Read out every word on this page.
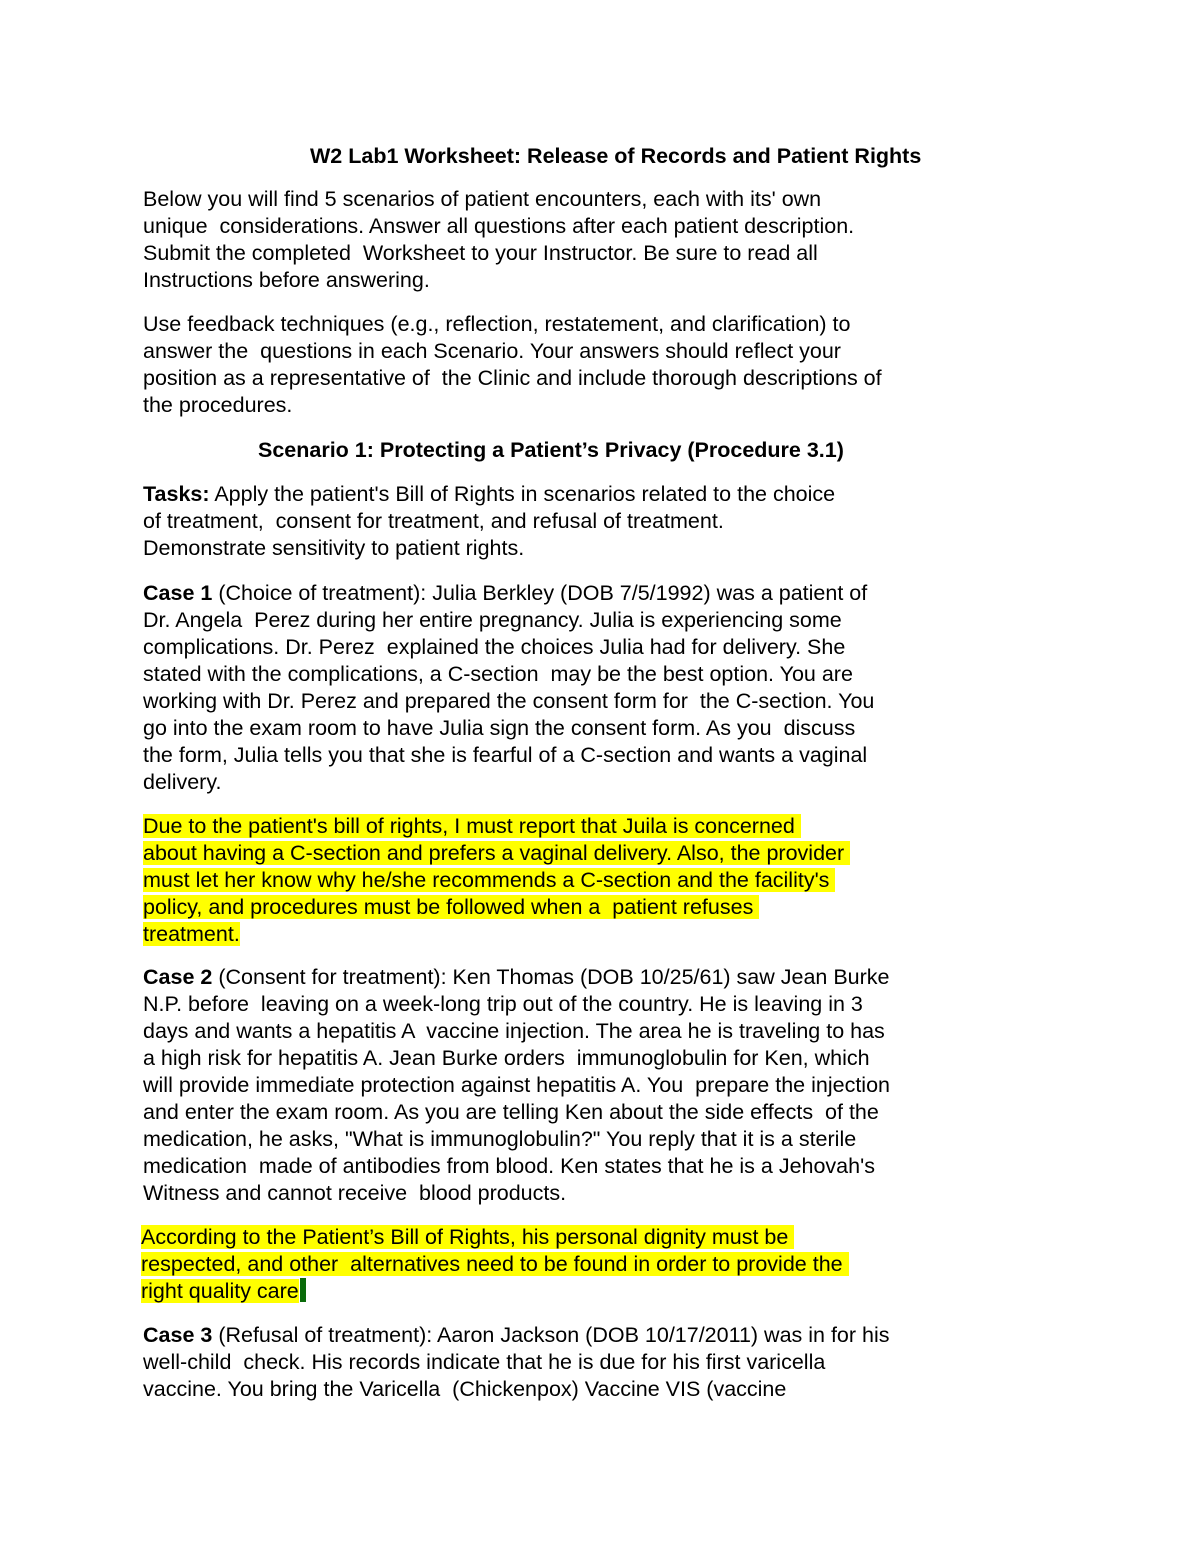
W2 Lab1 Worksheet: Release of Records and Patient Rights

Below you will find 5 scenarios of patient encounters, each with its' own

unique  considerations. Answer all questions after each patient description.

Submit the completed  Worksheet to your Instructor. Be sure to read all

Instructions before answering.

Use feedback techniques (e.g., reflection, restatement, and clarification) to

answer the  questions in each Scenario. Your answers should reflect your

position as a representative of  the Clinic and include thorough descriptions of

the procedures.

Scenario 1: Protecting a Patient’s Privacy (Procedure 3.1)

Tasks: Apply the patient's Bill of Rights in scenarios related to the choice

of treatment,  consent for treatment, and refusal of treatment.

Demonstrate sensitivity to patient rights.

Case 1 (Choice of treatment): Julia Berkley (DOB 7/5/1992) was a patient of

Dr. Angela  Perez during her entire pregnancy. Julia is experiencing some

complications. Dr. Perez  explained the choices Julia had for delivery. She

stated with the complications, a C-section  may be the best option. You are

working with Dr. Perez and prepared the consent form for  the C-section. You

go into the exam room to have Julia sign the consent form. As you  discuss

the form, Julia tells you that she is fearful of a C-section and wants a vaginal

delivery.

Due to the patient's bill of rights, I must report that Juila is concerned

about having a C-section and prefers a vaginal delivery. Also, the provider

must let her know why he/she recommends a C-section and the facility's

policy, and procedures must be followed when a  patient refuses

treatment.

Case 2 (Consent for treatment): Ken Thomas (DOB 10/25/61) saw Jean Burke

N.P. before  leaving on a week-long trip out of the country. He is leaving in 3

days and wants a hepatitis A  vaccine injection. The area he is traveling to has

a high risk for hepatitis A. Jean Burke orders  immunoglobulin for Ken, which

will provide immediate protection against hepatitis A. You  prepare the injection

and enter the exam room. As you are telling Ken about the side effects  of the

medication, he asks, "What is immunoglobulin?" You reply that it is a sterile

medication  made of antibodies from blood. Ken states that he is a Jehovah's

Witness and cannot receive  blood products.

According to the Patient’s Bill of Rights, his personal dignity must be

respected, and other  alternatives need to be found in order to provide the

right quality care

Case 3 (Refusal of treatment): Aaron Jackson (DOB 10/17/2011) was in for his

well-child  check. His records indicate that he is due for his first varicella

vaccine. You bring the Varicella  (Chickenpox) Vaccine VIS (vaccine
